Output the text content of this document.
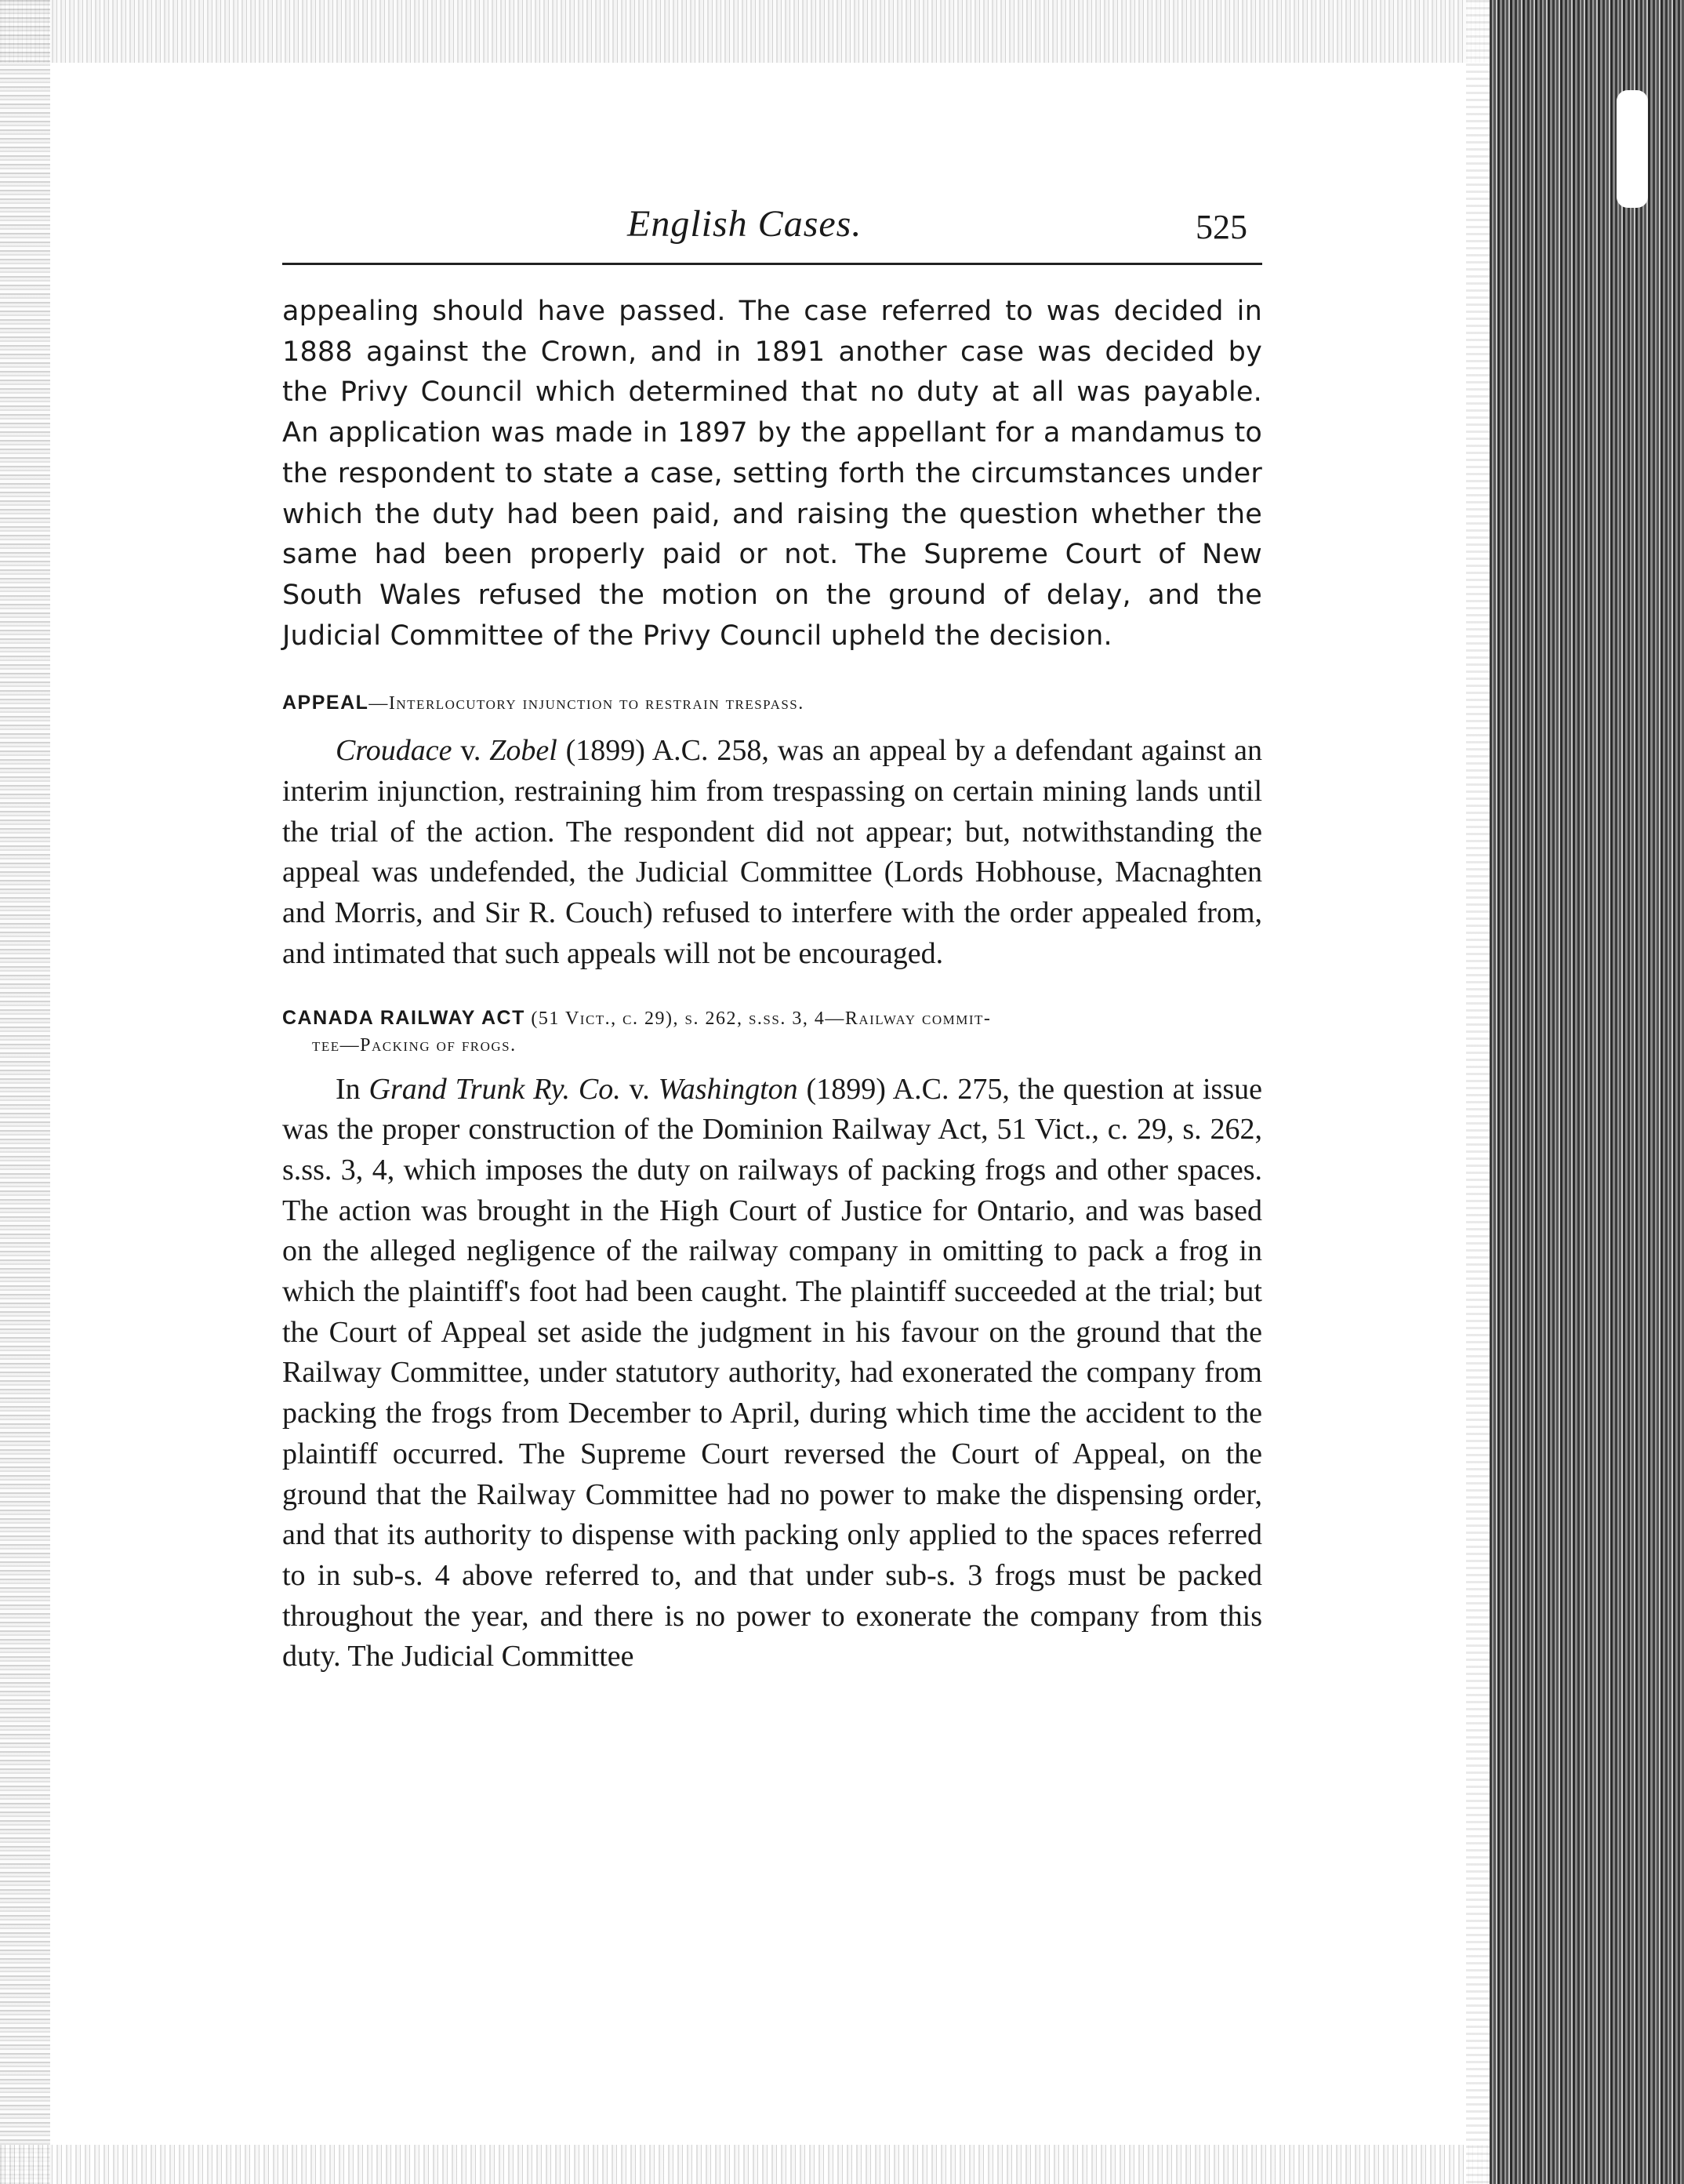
English Cases.	525

appealing should have passed. The case referred to was decided in 1888 against the Crown, and in 1891 another case was decided by the Privy Council which determined that no duty at all was payable. An application was made in 1897 by the appellant for a mandamus to the respondent to state a case, setting forth the circumstances under which the duty had been paid, and raising the question whether the same had been properly paid or not. The Supreme Court of New South Wales refused the motion on the ground of delay, and the Judicial Committee of the Privy Council upheld the decision.

APPEAL—Interlocutory injunction to restrain trespass.

Croudace v. Zobel (1899) A.C. 258, was an appeal by a defendant against an interim injunction, restraining him from trespassing on certain mining lands until the trial of the action. The respondent did not appear; but, notwithstanding the appeal was undefended, the Judicial Committee (Lords Hobhouse, Macnaghten and Morris, and Sir R. Couch) refused to interfere with the order appealed from, and intimated that such appeals will not be encouraged.

CANADA RAILWAY ACT (51 Vict., c. 29), s. 262, s.ss. 3, 4—Railway commit-
tee—Packing of frogs.

In Grand Trunk Ry. Co. v. Washington (1899) A.C. 275, the question at issue was the proper construction of the Dominion Railway Act, 51 Vict., c. 29, s. 262, s.ss. 3, 4, which imposes the duty on railways of packing frogs and other spaces. The action was brought in the High Court of Justice for Ontario, and was based on the alleged negligence of the railway company in omitting to pack a frog in which the plaintiff's foot had been caught. The plaintiff succeeded at the trial; but the Court of Appeal set aside the judgment in his favour on the ground that the Railway Committee, under statutory authority, had exonerated the company from packing the frogs from December to April, during which time the accident to the plaintiff occurred. The Supreme Court reversed the Court of Appeal, on the ground that the Railway Committee had no power to make the dispensing order, and that its authority to dispense with packing only applied to the spaces referred to in sub-s. 4 above referred to, and that under sub-s. 3 frogs must be packed throughout the year, and there is no power to exonerate the company from this duty. The Judicial Committee
